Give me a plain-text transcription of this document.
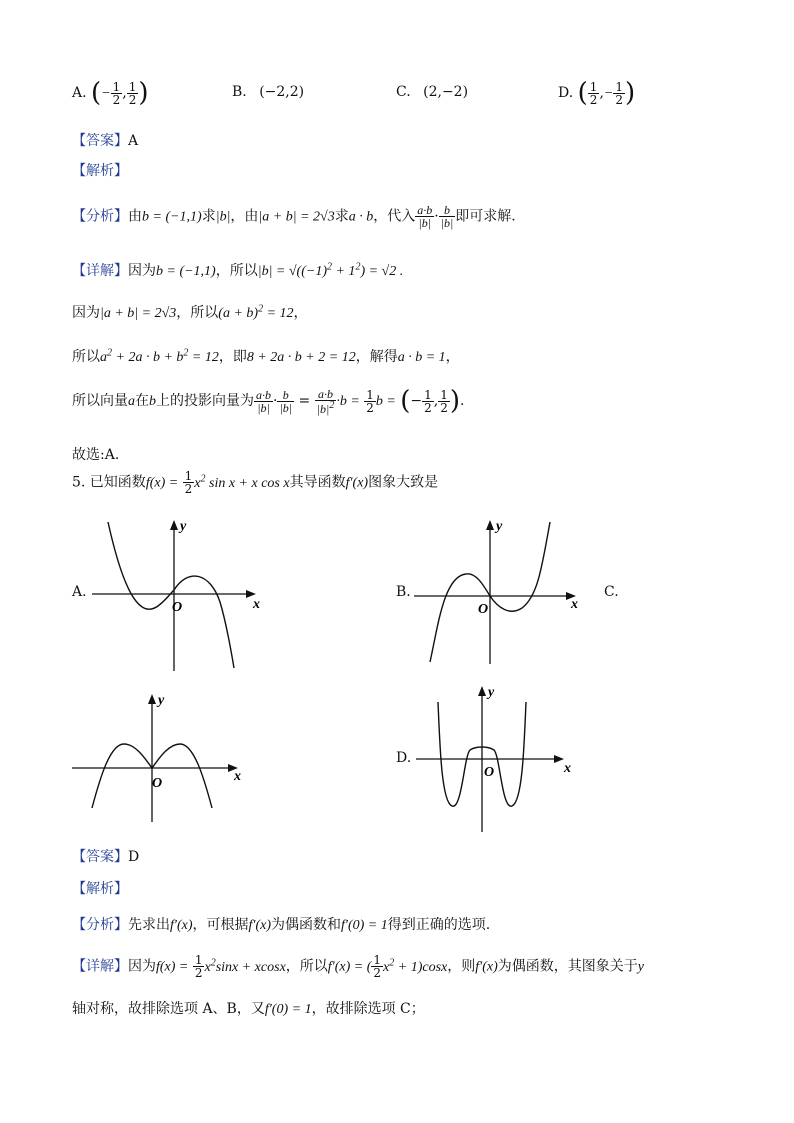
A. (− $\frac{1}{2}$ , $\frac{1}{2}$ )	B. (−2,2)	C. (2,−2)	D. ( $\frac{1}{2}$ ,− $\frac{1}{2}$ )
【答案】A
【解析】
【分析】由b = (−1,1)求|b|，由|a + b| = 2√3求a · b，代入 $\frac{a\cdot b}{|b|} \cdot \frac{b}{|b|}$ 即可求解.
【详解】因为b = (−1,1)，所以$|b| = √((-1)^2 + 1^2) = √2$ .
因为|a + b| = 2√3，所以$(a + b)^2 = 12$，
所以$a^2 + 2a \cdot b + b^2 = 12$，即8 + 2a · b + 2 = 12，解得a · b = 1，
所以向量a在b上的投影向量为 $\frac{a\cdot b}{|b|} \cdot \frac{b}{|b|} = \frac{a\cdot b}{|b|^2} \cdot b = \frac{1}{2}$ b = (− $\frac{1}{2}$ , $\frac{1}{2}$ ).
故选:A.
5. 已知函数$f(x) = \frac{1}{2} x^2$ sin x + x cos x其导函数f′(x)图象大致是
A.
x
y
O
B.
x
y
O
C.
x
y
O
D.
x
y
O
【答案】D
【解析】
【分析】先求出f′(x)，可根据f′(x)为偶函数和f′(0) = 1得到正确的选项.
【详解】因为$f(x) = \frac{1}{2} x^2\sin x + xcosx$，所以f′(x) = ( $\frac{1}{2} x^2 + 1)\cos x$，则f′(x)为偶函数，其图象关于y
轴对称，故排除选项 A、B，又f′(0) = 1，故排除选项 C；
